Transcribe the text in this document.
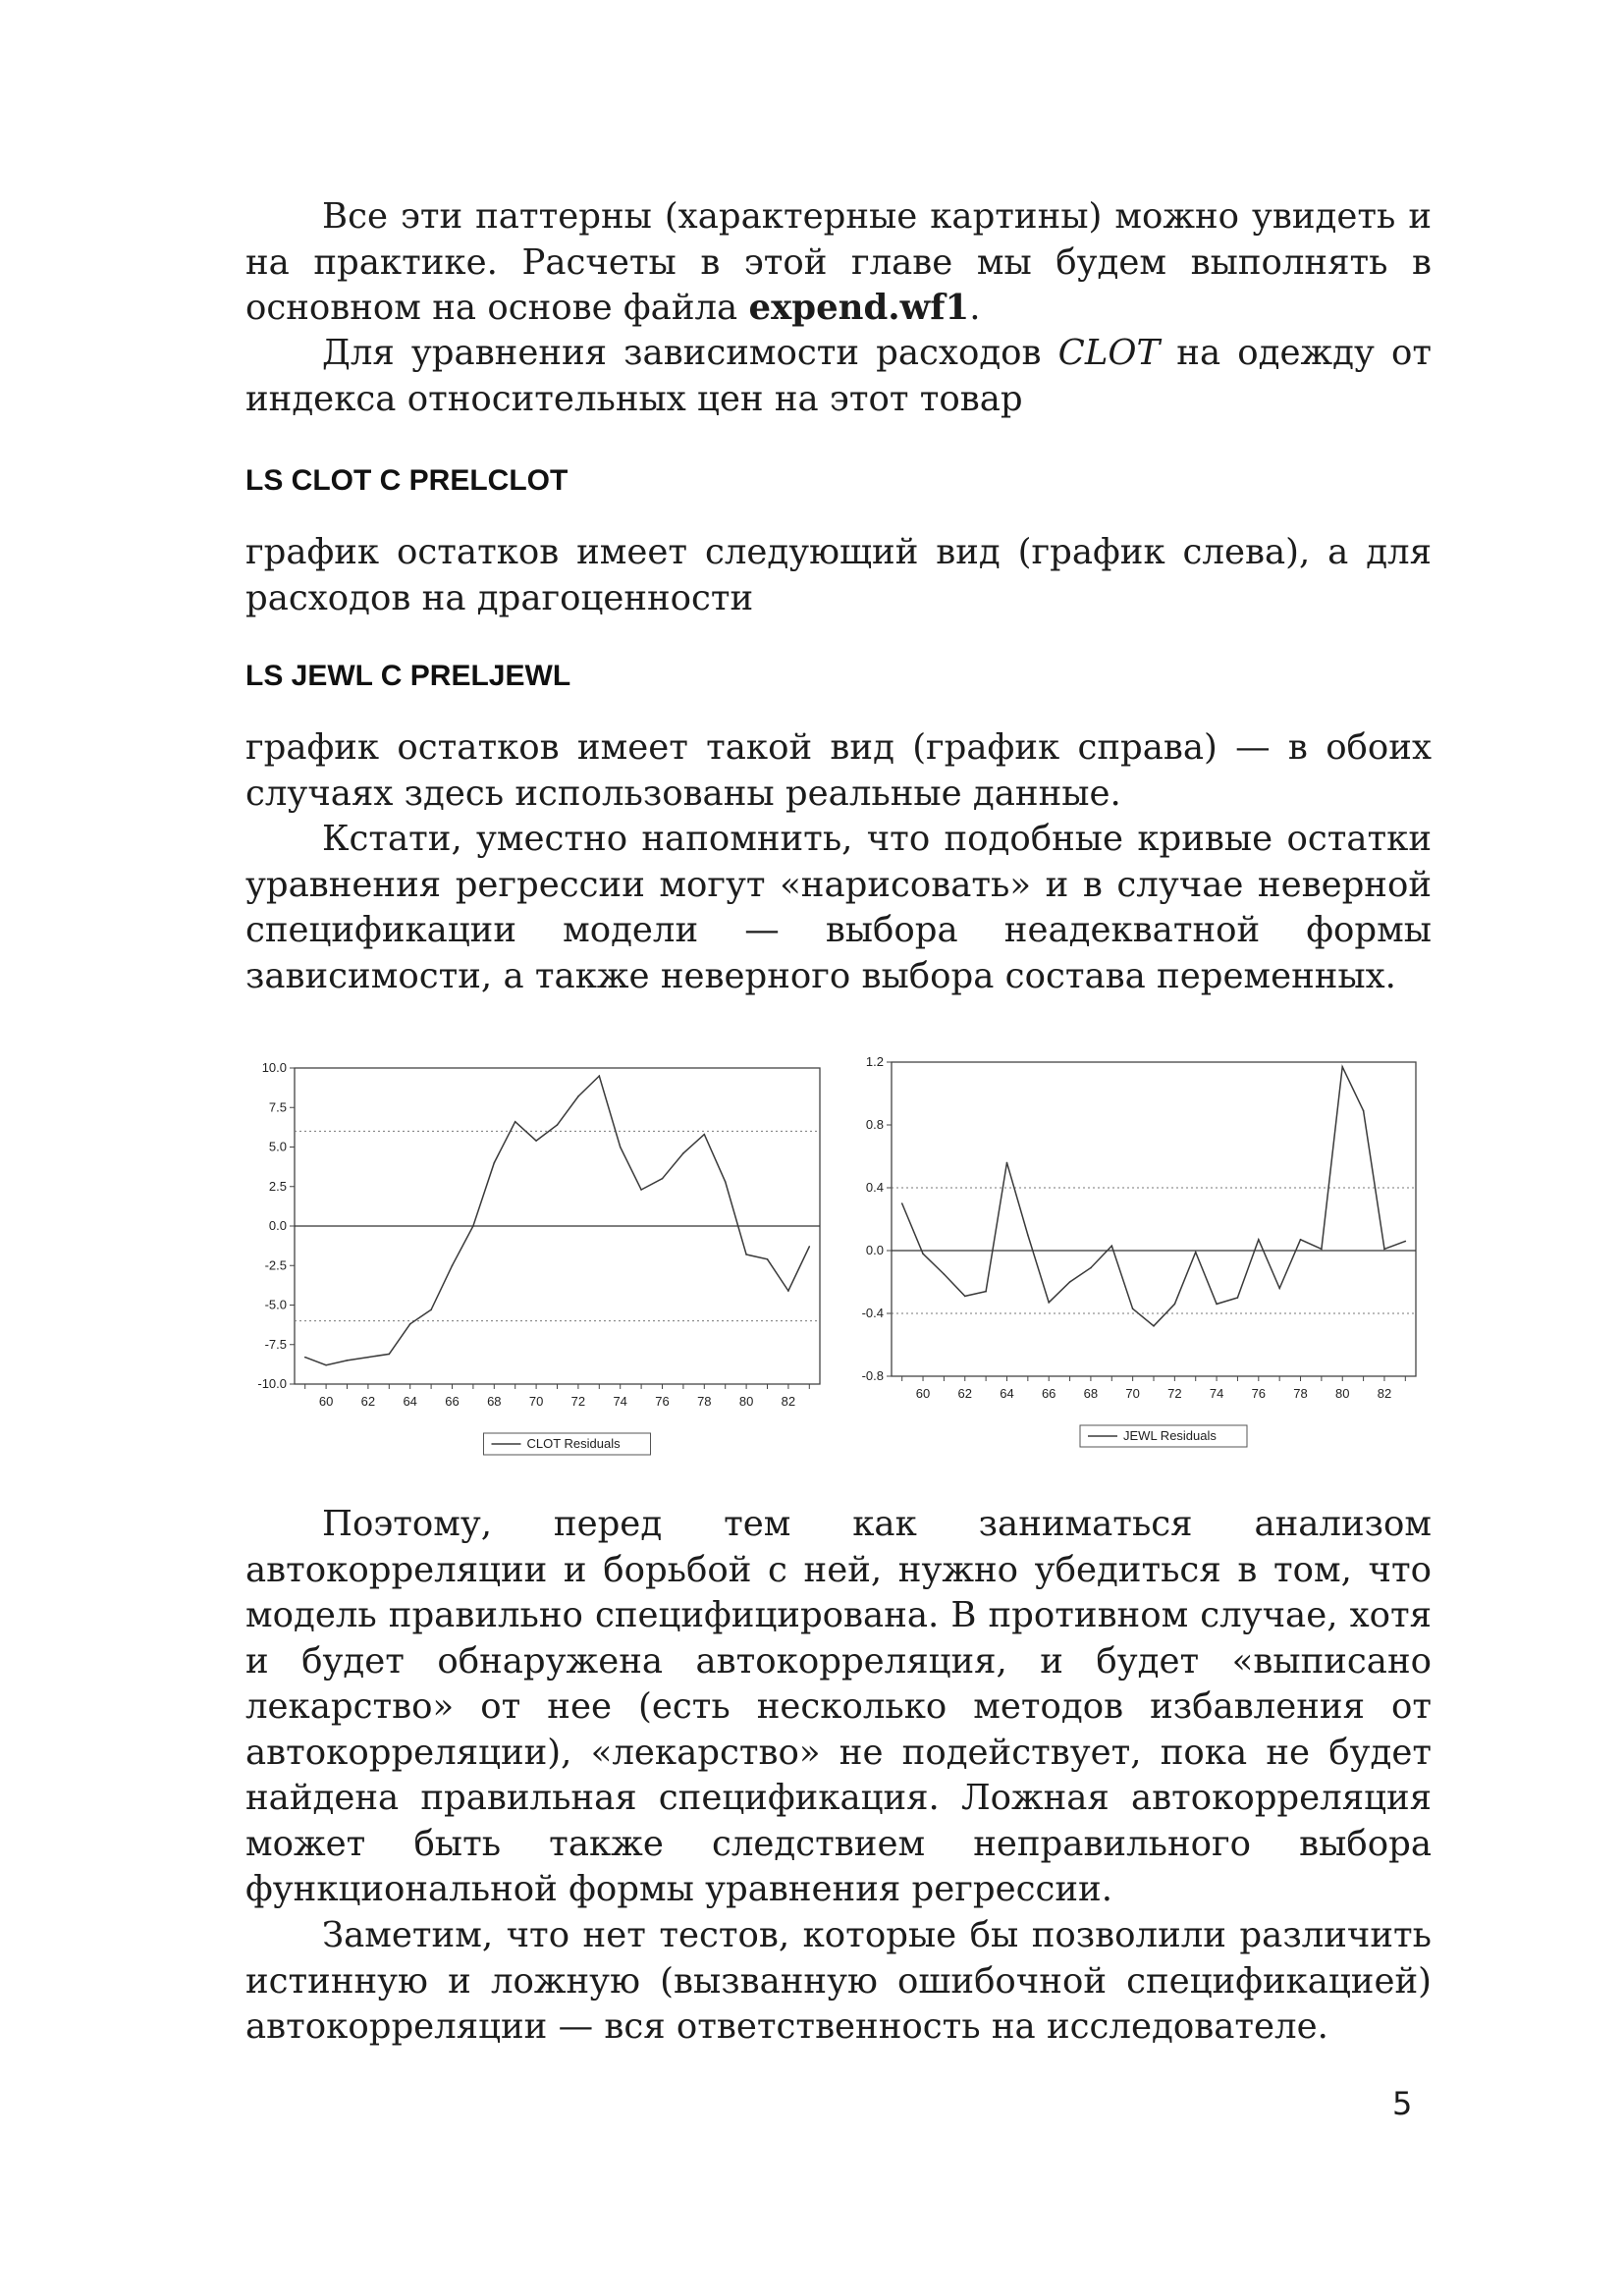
Все эти паттерны (характерные картины) можно увидеть и на практике. Расчеты в этой главе мы будем выполнять в основном на основе файла expend.wf1.

Для уравнения зависимости расходов CLOT на одежду от индекса относительных цен на этот товар

LS CLOT C PRELCLOT

график остатков имеет следующий вид (график слева), а для расходов на драгоценности

LS JEWL C PRELJEWL

график остатков имеет такой вид (график справа) — в обоих случаях здесь использованы реальные данные.

Кстати, уместно напомнить, что подобные кривые остатки уравнения регрессии могут «нарисовать» и в случае неверной спецификации модели — выбора неадекватной формы зависимости, а также неверного выбора состава переменных.

10.0
7.5
5.0
2.5
0.0
-2.5
-5.0
-7.5
-10.0
60 62 64 66 68 70 72 74 76 78 80 82
CLOT Residuals
1.2
0.8
0.4
0.0
-0.4
-0.8
60 62 64 66 68 70 72 74 76 78 80 82
JEWL Residuals

Поэтому, перед тем как заниматься анализом автокорреляции и борьбой с ней, нужно убедиться в том, что модель правильно специфицирована. В противном случае, хотя и будет обнаружена автокорреляция, и будет «выписано лекарство» от нее (есть несколько методов избавления от автокорреляции), «лекарство» не подействует, пока не будет найдена правильная спецификация. Ложная автокорреляция может быть также следствием неправильного выбора функциональной формы уравнения регрессии.

Заметим, что нет тестов, которые бы позволили различить истинную и ложную (вызванную ошибочной спецификацией) автокорреляции — вся ответственность на исследователе.

5
